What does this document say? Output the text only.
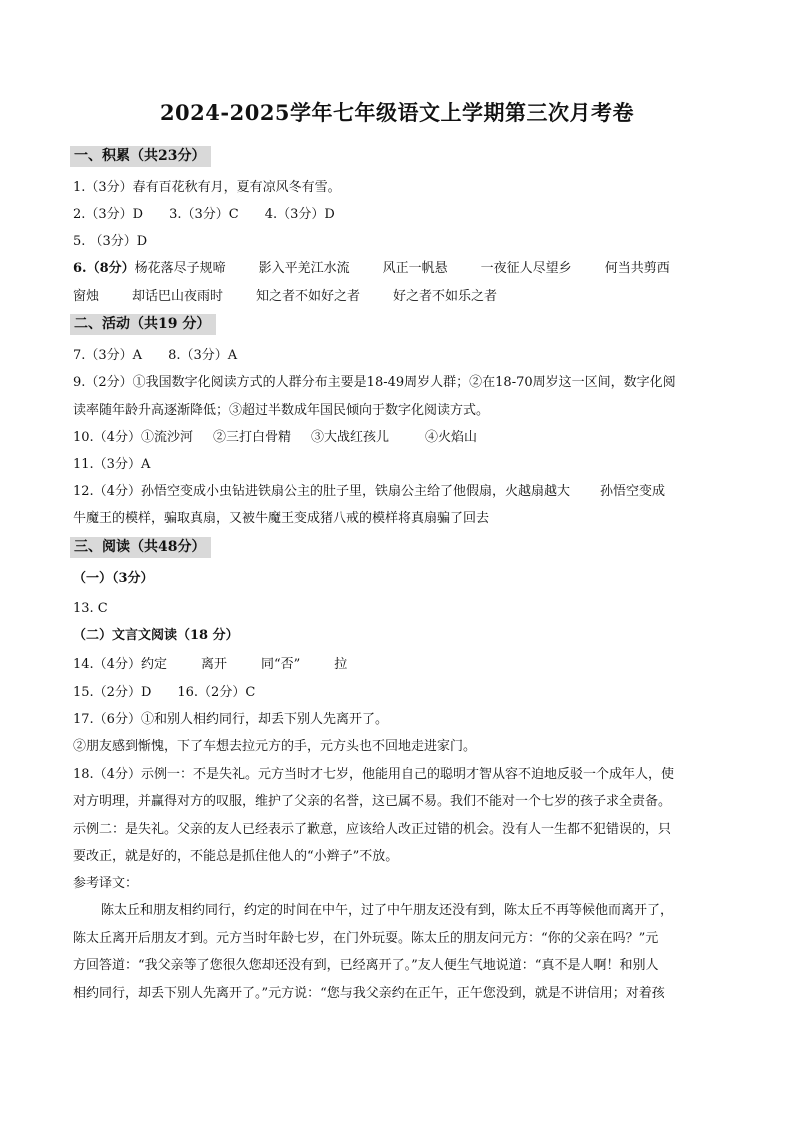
2024-2025学年七年级语文上学期第三次月考卷
一、积累（共23分）
1.（3分）春有百花秋有月，夏有凉风冬有雪。
2.（3分）D 3.（3分）C 4.（3分）D
5. （3分）D
6.（8分）杨花落尽子规啼	影入平羌江水流	风正一帆悬	一夜征人尽望乡	何当共剪西
窗烛	却话巴山夜雨时	知之者不如好之者	好之者不如乐之者
二、活动（共19 分）
7.（3分）A 8.（3分）A
9.（2分）①我国数字化阅读方式的人群分布主要是18-49周岁人群；②在18-70周岁这一区间，数字化阅
读率随年龄升高逐渐降低；③超过半数成年国民倾向于数字化阅读方式。
10.（4分）①流沙河 ②三打白骨精 ③大战红孩儿	④火焰山
11.（3分）A
12.（4分）孙悟空变成小虫钻进铁扇公主的肚子里，铁扇公主给了他假扇，火越扇越大 孙悟空变成
牛魔王的模样，骗取真扇，又被牛魔王变成猪八戒的模样将真扇骗了回去
三、阅读（共48分）
（一）（3分）
13. C
（二）文言文阅读（18 分）
14.（4分）约定	离开	同“否”	拉
15.（2分）D 16.（2分）C
17.（6分）①和别人相约同行，却丢下别人先离开了。
②朋友感到惭愧，下了车想去拉元方的手，元方头也不回地走进家门。
18.（4分）示例一：不是失礼。元方当时才七岁，他能用自己的聪明才智从容不迫地反驳一个成年人，使
对方明理，并赢得对方的叹服，维护了父亲的名誉，这已属不易。我们不能对一个七岁的孩子求全责备。
示例二：是失礼。父亲的友人已经表示了歉意，应该给人改正过错的机会。没有人一生都不犯错误的，只
要改正，就是好的，不能总是抓住他人的“小辫子”不放。
参考译文：
陈太丘和朋友相约同行，约定的时间在中午，过了中午朋友还没有到，陈太丘不再等候他而离开了，
陈太丘离开后朋友才到。元方当时年龄七岁，在门外玩耍。陈太丘的朋友问元方：“你的父亲在吗？”元
方回答道：“我父亲等了您很久您却还没有到，已经离开了。”友人便生气地说道：“真不是人啊！和别人
相约同行，却丢下别人先离开了。”元方说：“您与我父亲约在正午，正午您没到，就是不讲信用；对着孩
